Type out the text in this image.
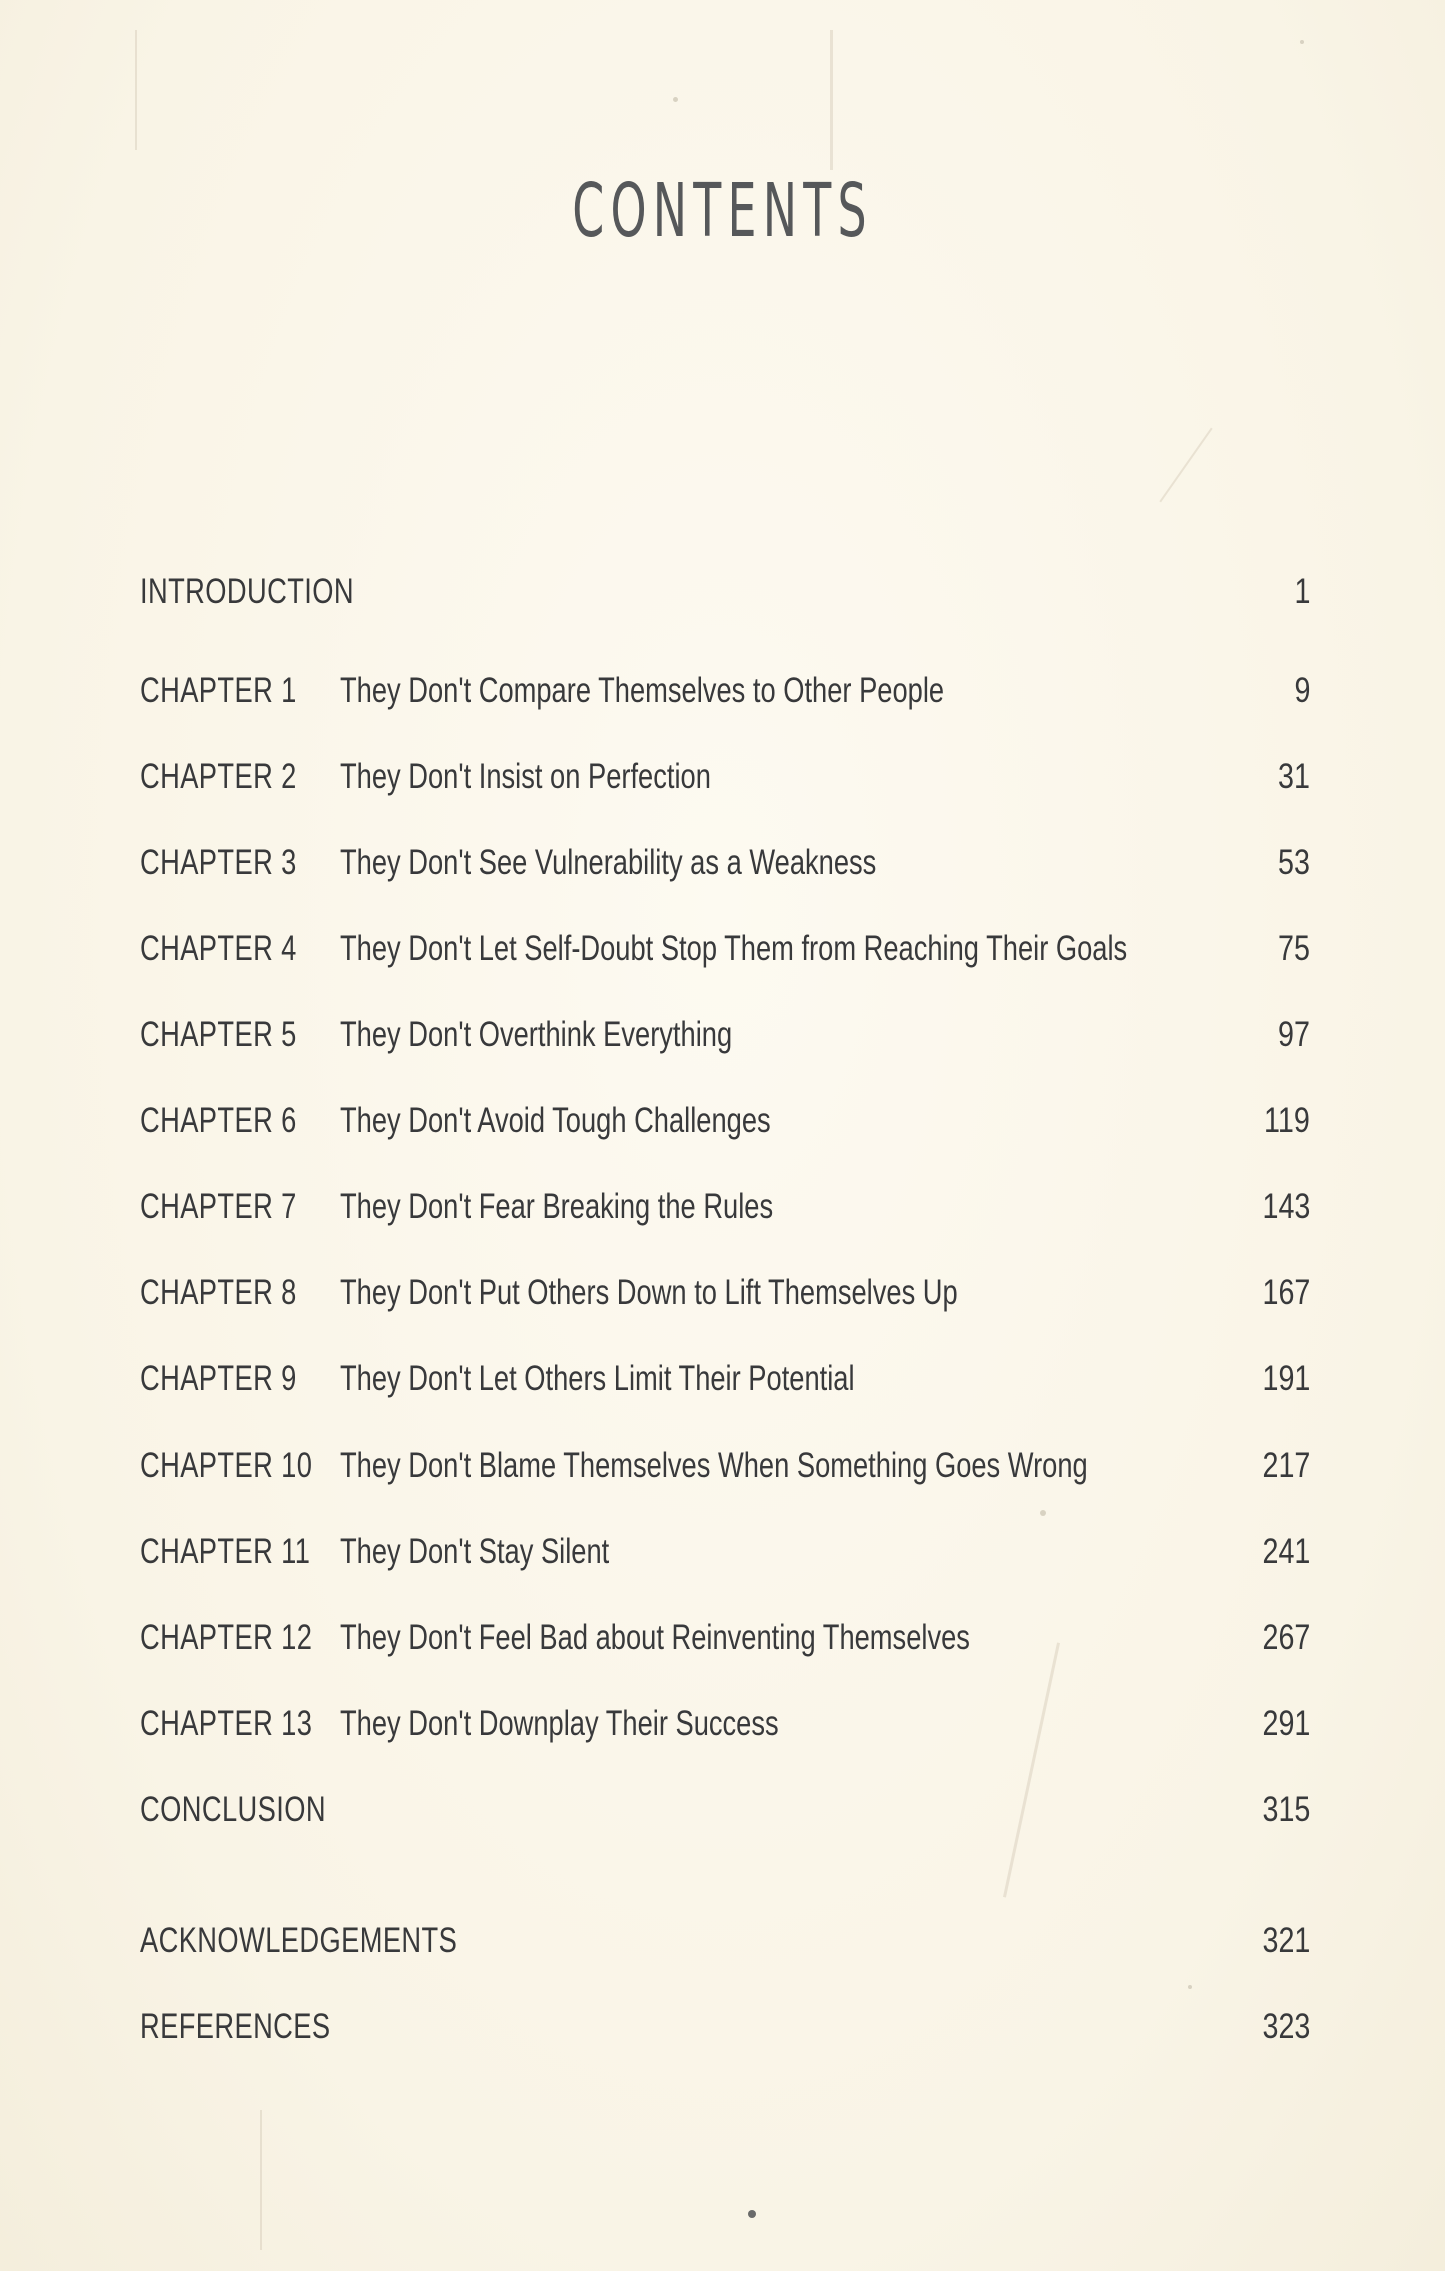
CONTENTS
INTRODUCTION	1
CHAPTER 1 They Don't Compare Themselves to Other People	9
CHAPTER 2 They Don't Insist on Perfection	31
CHAPTER 3 They Don't See Vulnerability as a Weakness	53
CHAPTER 4 They Don't Let Self-Doubt Stop Them from Reaching Their Goals	75
CHAPTER 5 They Don't Overthink Everything	97
CHAPTER 6 They Don't Avoid Tough Challenges	119
CHAPTER 7 They Don't Fear Breaking the Rules	143
CHAPTER 8 They Don't Put Others Down to Lift Themselves Up	167
CHAPTER 9 They Don't Let Others Limit Their Potential	191
CHAPTER 10 They Don't Blame Themselves When Something Goes Wrong	217
CHAPTER 11 They Don't Stay Silent	241
CHAPTER 12 They Don't Feel Bad about Reinventing Themselves	267
CHAPTER 13 They Don't Downplay Their Success	291
CONCLUSION	315
ACKNOWLEDGEMENTS	321
REFERENCES	323
